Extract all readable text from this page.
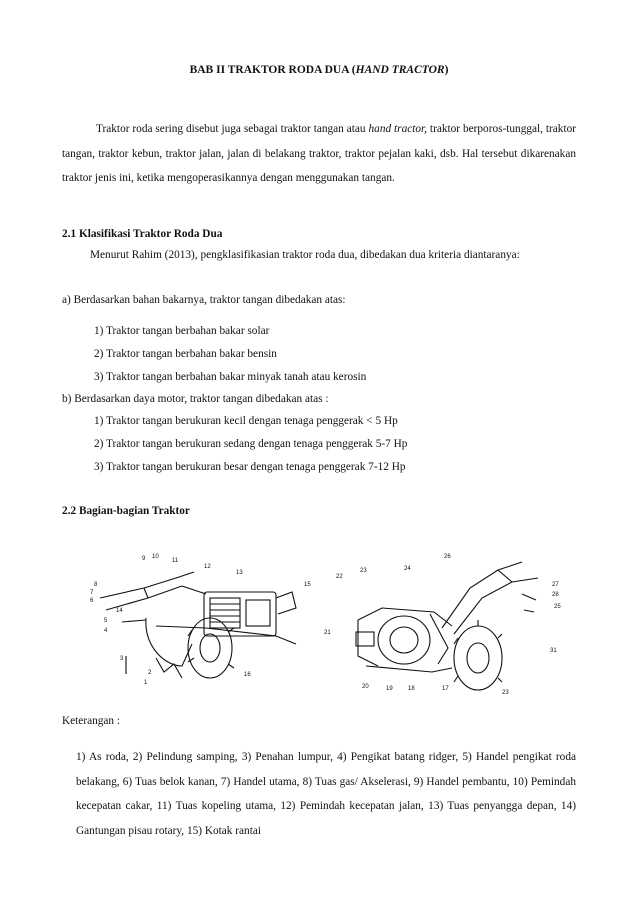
BAB II TRAKTOR RODA DUA (HAND TRACTOR)
Traktor roda sering disebut juga sebagai traktor tangan atau hand tractor, traktor berporos-tunggal, traktor tangan, traktor kebun, traktor jalan, jalan di belakang traktor, traktor pejalan kaki, dsb. Hal tersebut dikarenakan traktor jenis ini, ketika mengoperasikannya dengan menggunakan tangan.
2.1 Klasifikasi Traktor Roda Dua
Menurut Rahim (2013), pengklasifikasian traktor roda dua, dibedakan dua kriteria diantaranya:
a) Berdasarkan bahan bakarnya, traktor tangan dibedakan atas:
1) Traktor tangan berbahan bakar solar
2) Traktor tangan berbahan bakar bensin
3) Traktor tangan berbahan bakar minyak tanah atau kerosin
b) Berdasarkan daya motor, traktor tangan dibedakan atas :
1) Traktor tangan berukuran kecil dengan tenaga penggerak < 5 Hp
2) Traktor tangan berukuran sedang dengan tenaga penggerak 5-7 Hp
3) Traktor tangan berukuran besar dengan tenaga penggerak 7-12 Hp
2.2 Bagian-bagian Traktor
9 10
11
12
13
8
7
6
14
5
4
15
3
2
1
16
22
23	24
26
27
28
25
21
31
20	19	18	17
23
Keterangan :
1) As roda, 2) Pelindung samping, 3) Penahan lumpur, 4) Pengikat batang ridger, 5) Handel pengikat roda belakang, 6) Tuas belok kanan, 7) Handel utama, 8) Tuas gas/ Akselerasi, 9) Handel pembantu, 10) Pemindah kecepatan cakar, 11) Tuas kopeling utama, 12) Pemindah kecepatan jalan, 13) Tuas penyangga depan, 14) Gantungan pisau rotary, 15) Kotak rantai
